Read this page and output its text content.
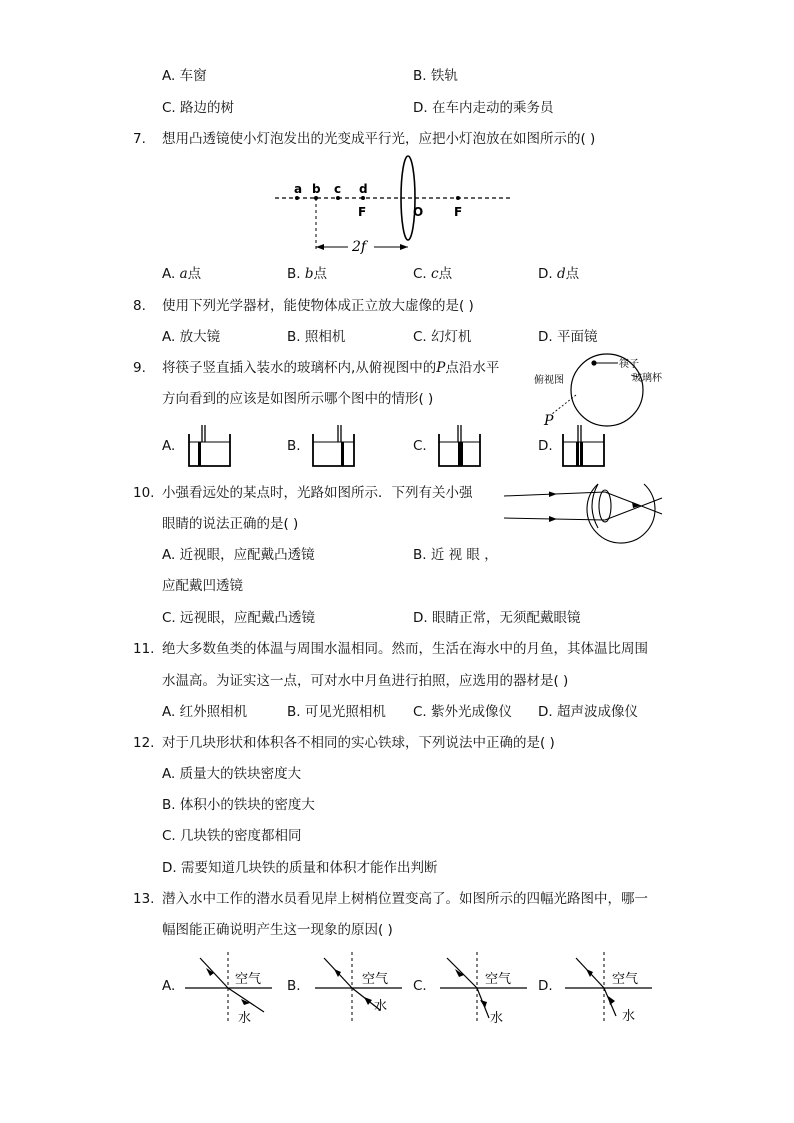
A. 车窗	B. 铁轨
C. 路边的树	D. 在车内走动的乘务员
7. 想用凸透镜使小灯泡发出的光变成平行光，应把小灯泡放在如图所示的( )
a b c d
F	O	F
2f
A. a点	B. b点	C. c点	D. d点
8. 使用下列光学器材，能使物体成正立放大虚像的是( )
A. 放大镜	B. 照相机	C. 幻灯机	D. 平面镜
9. 将筷子竖直插入装水的玻璃杯内,从俯视图中的P点沿水平
方向看到的应该是如图所示哪个图中的情形( )
筷子
玻璃杯
俯视图
P
A.	B.	C.	D.
10. 小强看远处的某点时，光路如图所示．下列有关小强
眼睛的说法正确的是( )
A. 近视眼，应配戴凸透镜	B. 近 视 眼 ，
应配戴凹透镜
C. 远视眼，应配戴凸透镜	D. 眼睛正常，无须配戴眼镜
11. 绝大多数鱼类的体温与周围水温相同。然而，生活在海水中的月鱼，其体温比周围
水温高。为证实这一点，可对水中月鱼进行拍照，应选用的器材是( )
A. 红外照相机	B. 可见光照相机 C. 紫外光成像仪 D. 超声波成像仪
12. 对于几块形状和体积各不相同的实心铁球，下列说法中正确的是( )
A. 质量大的铁块密度大
B. 体积小的铁块的密度大
C. 几块铁的密度都相同
D. 需要知道几块铁的质量和体积才能作出判断
13. 潜入水中工作的潜水员看见岸上树梢位置变高了。如图所示的四幅光路图中，哪一
幅图能正确说明产生这一现象的原因( )
A.	空气
水
B.	空气
水
C.	空气
水
D.	空气
水
